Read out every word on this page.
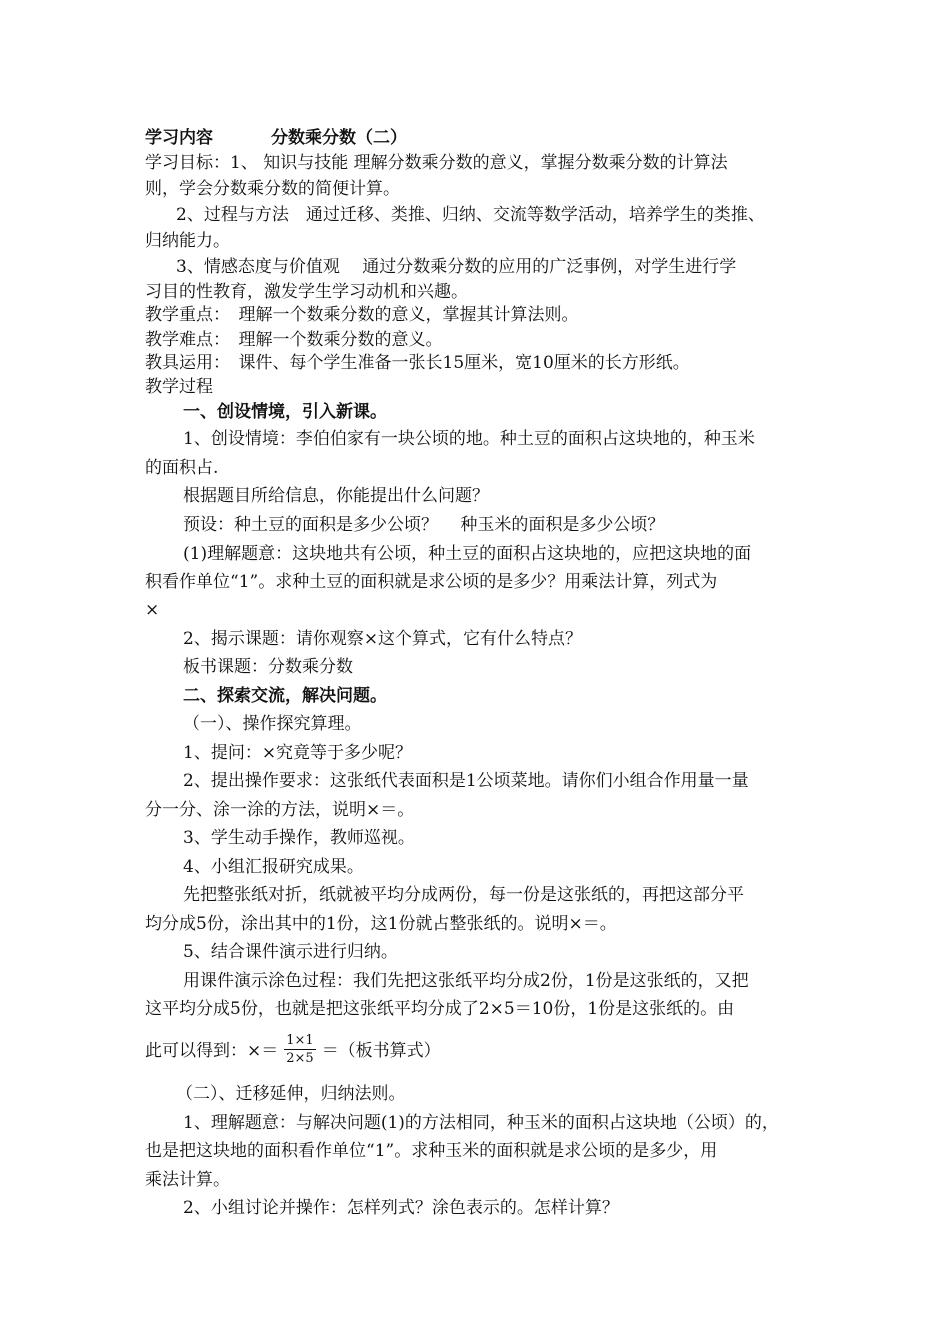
学习内容	分数乘分数（二）
学习目标：1、 知识与技能 理解分数乘分数的意义，掌握分数乘分数的计算法
则，学会分数乘分数的简便计算。
2、过程与方法　通过迁移、类推、归纳、交流等数学活动，培养学生的类推、
归纳能力。
3、情感态度与价值观　 通过分数乘分数的应用的广泛事例，对学生进行学
习目的性教育，激发学生学习动机和兴趣。
教学重点：　理解一个数乘分数的意义，掌握其计算法则。
教学难点：　理解一个数乘分数的意义。
教具运用：　课件、每个学生准备一张长15厘米，宽10厘米的长方形纸。
教学过程
一、创设情境，引入新课。
1、创设情境：李伯伯家有一块公顷的地。种土豆的面积占这块地的，种玉米
的面积占.
根据题目所给信息，你能提出什么问题？
预设：种土豆的面积是多少公顷？　 种玉米的面积是多少公顷？
(1)理解题意：这块地共有公顷，种土豆的面积占这块地的，应把这块地的面
积看作单位“1”。求种土豆的面积就是求公顷的是多少？用乘法计算，列式为
×
2、揭示课题：请你观察×这个算式，它有什么特点？
板书课题：分数乘分数
二、探索交流，解决问题。
（一）、操作探究算理。
1、提问：×究竟等于多少呢？
2、提出操作要求：这张纸代表面积是1公顷菜地。请你们小组合作用量一量
分一分、涂一涂的方法，说明×＝。
3、学生动手操作，教师巡视。
4、小组汇报研究成果。
先把整张纸对折，纸就被平均分成两份，每一份是这张纸的，再把这部分平
均分成5份，涂出其中的1份，这1份就占整张纸的。说明×＝。
5、结合课件演示进行归纳。
用课件演示涂色过程：我们先把这张纸平均分成2份，1份是这张纸的，又把
这平均分成5份，也就是把这张纸平均分成了2×5＝10份，1份是这张纸的。由
此可以得到：×＝ $\frac{1\times 1}{2\times 5}$ ＝（板书算式）
（二）、迁移延伸，归纳法则。
1、理解题意：与解决问题(1)的方法相同，种玉米的面积占这块地（公顷）的，
也是把这块地的面积看作单位“1”。求种玉米的面积就是求公顷的是多少，用
乘法计算。
2、小组讨论并操作：怎样列式？涂色表示的。怎样计算？
